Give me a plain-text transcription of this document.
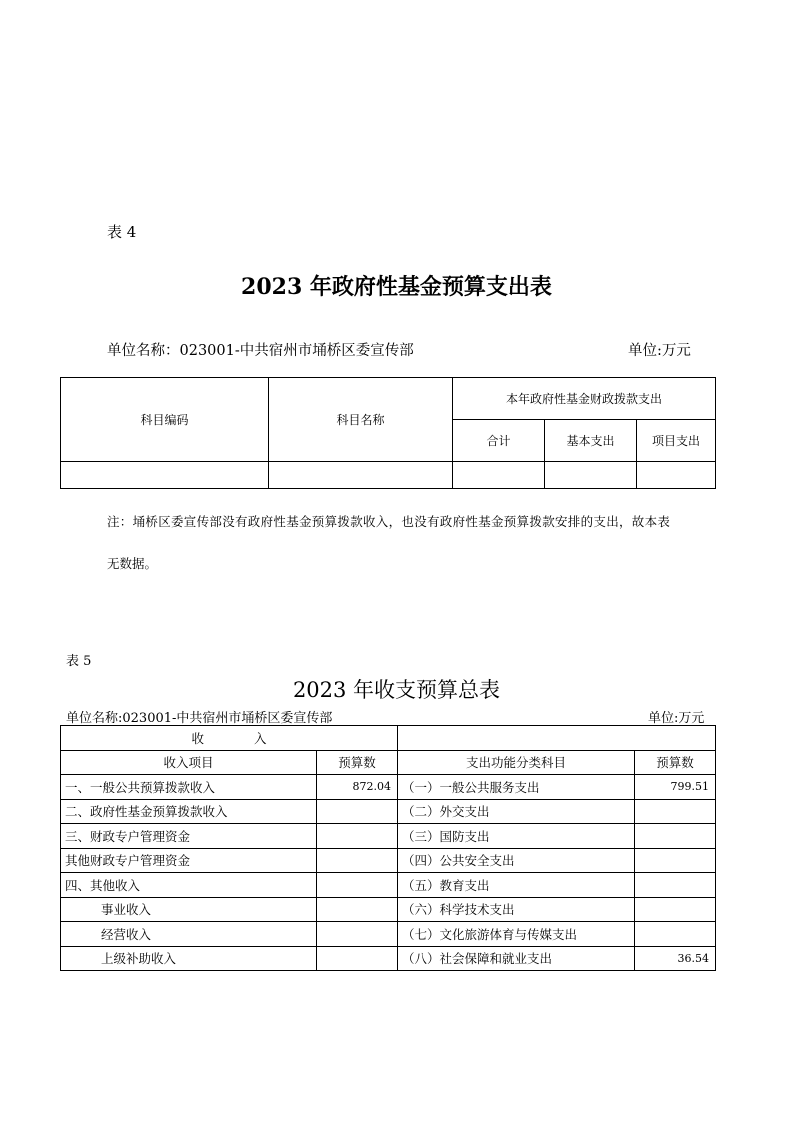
表 4
2023 年政府性基金预算支出表
单位名称：023001-中共宿州市埇桥区委宣传部	单位:万元
科目编码	科目名称	本年政府性基金财政拨款支出		
		合计	基本支出	项目支出

注：埇桥区委宣传部没有政府性基金预算拨款收入，也没有政府性基金预算拨款安排的支出，故本表
无数据。
表 5
2023 年收支预算总表
单位名称:023001-中共宿州市埇桥区委宣传部	单位:万元
收　　　　入			
收入项目	预算数	支出功能分类科目	预算数
一、一般公共预算拨款收入	872.04	（一）一般公共服务支出	799.51
二、政府性基金预算拨款收入		（二）外交支出	
三、财政专户管理资金		（三）国防支出	
其他财政专户管理资金		（四）公共安全支出	
四、其他收入		（五）教育支出	
事业收入		（六）科学技术支出	
经营收入		（七）文化旅游体育与传媒支出	
上级补助收入		（八）社会保障和就业支出	36.54
